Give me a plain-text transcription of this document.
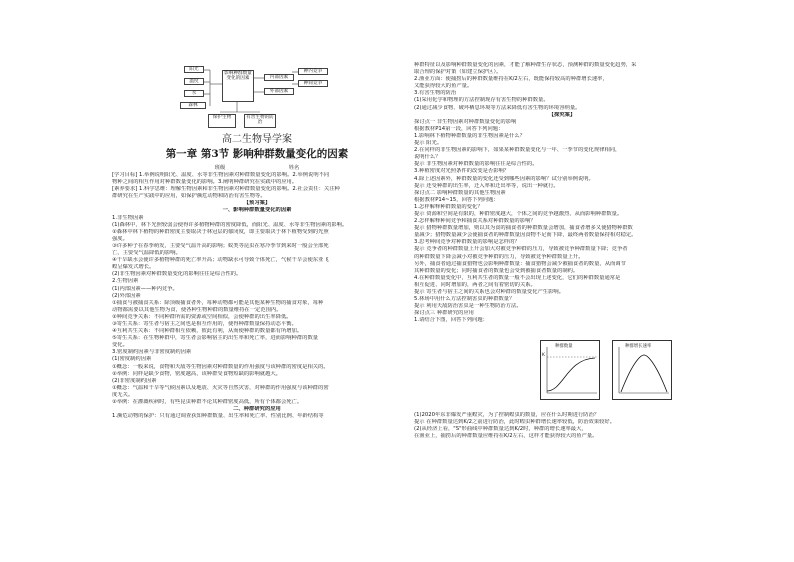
阳光
温度
水
森林
影响种群数量变化的因素	内部因素
种内竞争
种间竞争
外部因素
保护生物	有害生物的防治
高二生物导学案
第一章 第3节 影响种群数量变化的因素
班级	姓名
[学习目标] 1.举例说明阳光、温度、水等非生物因素对种群数量变化的影响。2.举例说明不同
物种之间的相互作用对种群数量变化的影响。3.阐明种群研究在实践中的应用。
[素养要求] 1.科学思维：理解生物因素和非生物因素对种群数量变化的影响。2.社会责任：关注种
群研究在生产实践中的应用，如保护濒危动物和防治有害生物等。
【预习案】
一、影响种群数量变化的因素
1.非生物因素
(1)森林中，林下光照较弱会使得许多植物种群的密度降低，而阳光、温度、水等非生物因素的影响。
②森林中林下植物的种群密度主要取决于林冠层的郁闭度，即主要取决于林下植物受到的光照
强度。
③许多种子在春季萌发，主要受气温升高的影响；蚊类等昆虫在寒冷季节到来时一般会全部死
亡，主要受气温降低的影响。
④干旱缺水会使许多植物种群的死亡率升高；动物缺水可导致个体死亡，气候干旱会使东亚飞
蝗呈爆发式增长。
(2)非生物因素对种群数量变化的影响往往是综合性的。
2.生物因素
(1)内部因素——种内竞争。
(2)外部因素
①捕食与被捕食关系：除顶级捕食者外，每种动物都可能是其他某种生物的捕食对象，每种
动物都需要以其他生物为食，使各种生物种群的数量维持在一定范围内。
②种间竞争关系：不同种群所需的资源或空间相似，会使种群的出生率降低。
③寄生关系：寄生者与宿主之间也是相互作用的，使得种群数量保持动态平衡。
④互利共生关系：不同种群相互依赖，彼此有利，从而使种群的数量都有所增加。
⑤寄生关系：在生物种群中，寄生者会影响宿主的出生率和死亡率，进而影响种群的数量
变化。
3.密度制约因素与非密度制约因素
(1)密度制约因素
①概念：一般来说，食物和天敌等生物因素对种群数量的作用强度与该种群的密度是相关的。
②举例：同样是缺少食物，密度越高，该种群受食物短缺的影响就越大。
(2)非密度制约因素
①概念：气温和干旱等气候因素以及地震、火灾等自然灾害，对种群的作用强度与该种群的密
度无关。
②举例：在灌溉疾病时，有些昆虫种群不论其种群密度高低，所有个体都会死亡。
二、种群研究的应用
1.濒危动物的保护：只有通过调查获知种群数量、出生率和死亡率、性别比例、年龄结构等
种群特征以及影响种群数量变化的因素，才能了解种群生存状态，预测种群的数量变化趋势，采
取合理的保护对策（如建立保护区）。
2.渔业方面：使捕捞后的种群数量维持在K/2左右，既能保持较高的种群增长速率，
又能获得较大的鱼产量。
3.有害生物的防治
(1)采用化学和物理的方法控制现存有害生物的种群数量。
(2)通过减少食物、破坏栖息环境等方法来降低有害生物的环境容纳量。
【探究案】
探讨点一 非生物因素对种群数量变化的影响
根据教材P14第一段，回答下列问题：
1.影响林下植物种群数量的非生物因素是什么？
提示 阳光。
2.在同样的非生物因素的影响下，如果某种群数量变化与一年、一季节的变化规律相同，
说明什么？
提示 非生物因素对种群数量的影响往往是综合性的。
3.种植密度对光照条件的改变是否影响？
4.除上述因素外，种群数量的变化还受到哪些因素的影响？试分别举例说明。
提示 还受种群的出生率，迁入率和迁出率等，说出一种就行。
探讨点二 影响种群数量的其他生物因素
根据教材P14~15，回答下列问题：
1.怎样解释种群数量的变化？
提示 资源和空间是有限的，种群密度越大，个体之间的竞争越激烈，从而影响种群数量。
2.怎样解释种间竞争和捕食关系对种群数量的影响？
提示 猎物种群数量增加，则以其为食的捕食者的种群数量会增加，捕食者增多又使猎物种群数
量减少；猎物数量减少会使捕食者的种群数量因食物不足而下降，最终两者数量保持相对稳定。
3.思考种间竞争对种群数量的影响是怎样的？
提示 竞争者的种群数量上升会加大对被竞争种群的压力，导致被竞争种群数量下降；竞争者
的种群数量下降会减小对被竞争种群的压力，导致被竞争种群数量上升。
另外，捕食者通过捕食猎物也会影响种群数量：捕食猎物会减少被捕食者的数量，从而调节
其种群数量的变化；同时捕食者的数量也会受到被捕食者数量的制约。
4.在种群数量变化中，互利共生者的数量一般不会出现上述变化，它们的种群数量通常是
相互促进、同时增加的，两者之间有着密切的关系。
提示 寄生者与宿主之间的关系也会对种群的数量变化产生影响。
5.林场中用什么方法控制害虫的种群数量？
提示 利用天敌防治害虫是一种生物防治方法。
探讨点三 种群研究的应用
1.请结合下图，回答下列问题：
种群数量
K
种群增长速率
(1)2020年东非爆发严重蝗灾，为了控制蝗虫的数量，应在什么时期进行防治？
提示 在种群数量达到K/2之前进行防治，此时蝗虫种群增长速率较低，防治效果较好。
(2)从经济上看，"S"形曲线中种群数量达到K/2时，种群的增长速率最大，
在渔业上，捕捞后的种群数量应维持在K/2左右，这样才能获得较大的鱼产量。
